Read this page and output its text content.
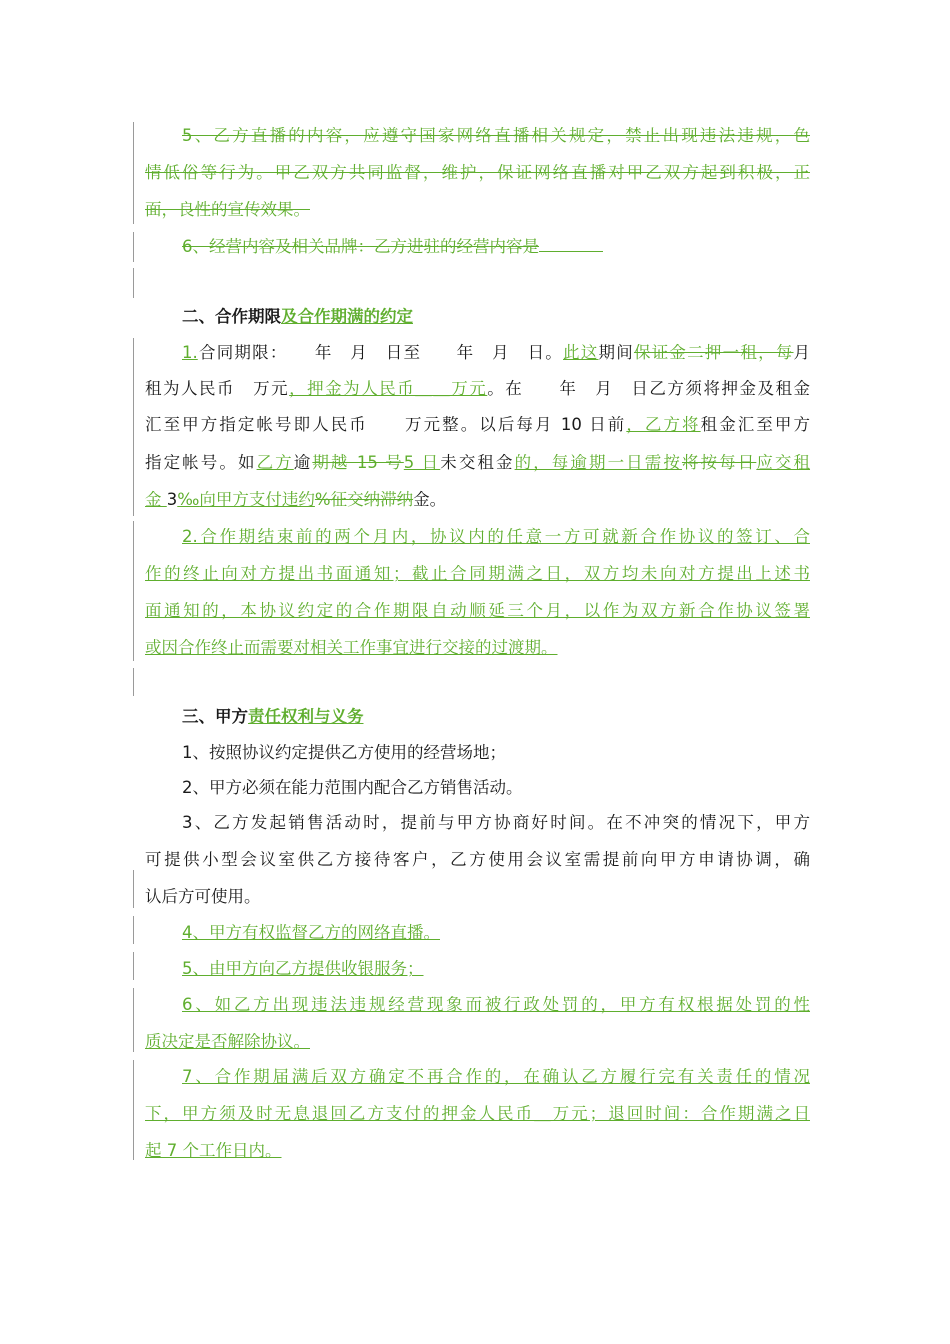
5、乙方直播的内容，应遵守国家网络直播相关规定，禁止出现违法违规，色
情低俗等行为。甲乙双方共同监督，维护，保证网络直播对甲乙双方起到积极，正
面，良性的宣传效果。
6、经营内容及相关品牌：乙方进驻的经营内容是
二、合作期限及合作期满的约定
1.合同期限：　　年　月　日至　　年　月　日。此这期间保证金二押一租，每月
租为人民币　万元，押金为人民币＿＿万元。在　　年　月　日乙方须将押金及租金
汇至甲方指定帐号即人民币　　万元整。以后每月 10 日前，乙方将租金汇至甲方
指定帐号。如乙方逾期越 15 号5 日未交租金的，每逾期一日需按将按每日应交租
金 3‰向甲方支付违约%征交纳滞纳金。
2.合作期结束前的两个月内，协议内的任意一方可就新合作协议的签订、合
作的终止向对方提出书面通知；截止合同期满之日，双方均未向对方提出上述书
面通知的，本协议约定的合作期限自动顺延三个月，以作为双方新合作协议签署
或因合作终止而需要对相关工作事宜进行交接的过渡期。
三、甲方责任权利与义务
1、按照协议约定提供乙方使用的经营场地；
2、甲方必须在能力范围内配合乙方销售活动。
3、乙方发起销售活动时，提前与甲方协商好时间。在不冲突的情况下，甲方
可提供小型会议室供乙方接待客户，乙方使用会议室需提前向甲方申请协调，确
认后方可使用。
4、甲方有权监督乙方的网络直播。
5、由甲方向乙方提供收银服务；
6、如乙方出现违法违规经营现象而被行政处罚的，甲方有权根据处罚的性
质决定是否解除协议。
7、合作期届满后双方确定不再合作的，在确认乙方履行完有关责任的情况
下，甲方须及时无息退回乙方支付的押金人民币＿万元；退回时间：合作期满之日
起 7 个工作日内。
